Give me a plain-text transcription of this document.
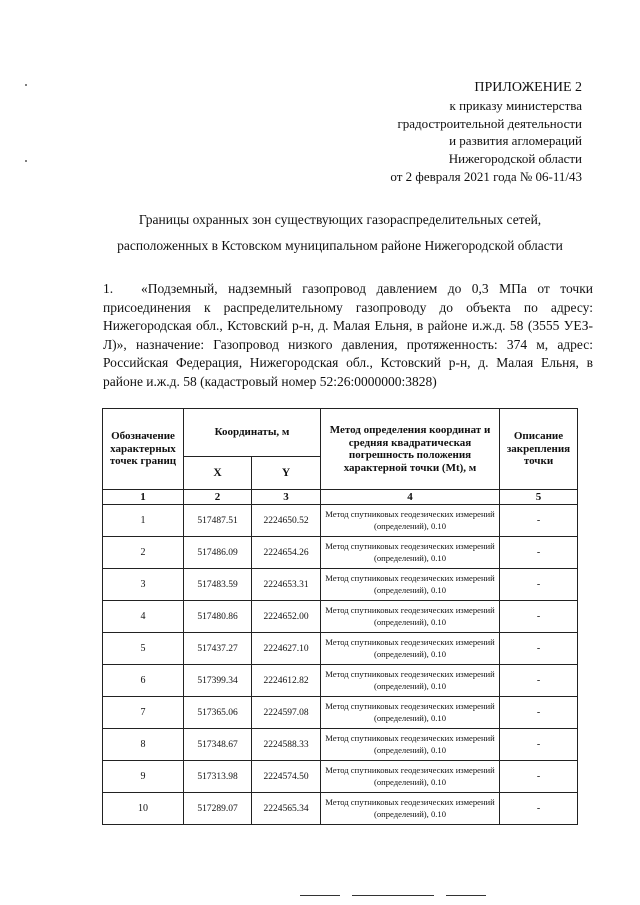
ПРИЛОЖЕНИЕ 2
к приказу министерства
градостроительной деятельности
и развития агломераций
Нижегородской области
от 2 февраля 2021 года № 06-11/43
Границы охранных зон существующих газораспределительных сетей,
расположенных в Кстовском муниципальном районе Нижегородской области
1. «Подземный, надземный газопровод давлением до 0,3 МПа от точки присоединения к распределительному газопроводу до объекта по адресу: Нижегородская обл., Кстовский р-н, д. Малая Ельня, в районе и.ж.д. 58 (3555 УЕЗ-Л)», назначение: Газопровод низкого давления, протяженность: 374 м, адрес: Российская Федерация, Нижегородская обл., Кстовский р-н, д. Малая Ельня, в районе и.ж.д. 58 (кадастровый номер 52:26:0000000:3828)
Обозначение характерных точек границ	Координаты, м		Метод определения координат и средняя квадратическая погрешность положения характерной точки (Mt), м	Описание закрепления точки
	X	Y		
1	2	3	4	5
1	517487.51	2224650.52	Метод спутниковых геодезических измерений (определений), 0.10	-
2	517486.09	2224654.26	Метод спутниковых геодезических измерений (определений), 0.10	-
3	517483.59	2224653.31	Метод спутниковых геодезических измерений (определений), 0.10	-
4	517480.86	2224652.00	Метод спутниковых геодезических измерений (определений), 0.10	-
5	517437.27	2224627.10	Метод спутниковых геодезических измерений (определений), 0.10	-
6	517399.34	2224612.82	Метод спутниковых геодезических измерений (определений), 0.10	-
7	517365.06	2224597.08	Метод спутниковых геодезических измерений (определений), 0.10	-
8	517348.67	2224588.33	Метод спутниковых геодезических измерений (определений), 0.10	-
9	517313.98	2224574.50	Метод спутниковых геодезических измерений (определений), 0.10	-
10	517289.07	2224565.34	Метод спутниковых геодезических измерений (определений), 0.10	-
